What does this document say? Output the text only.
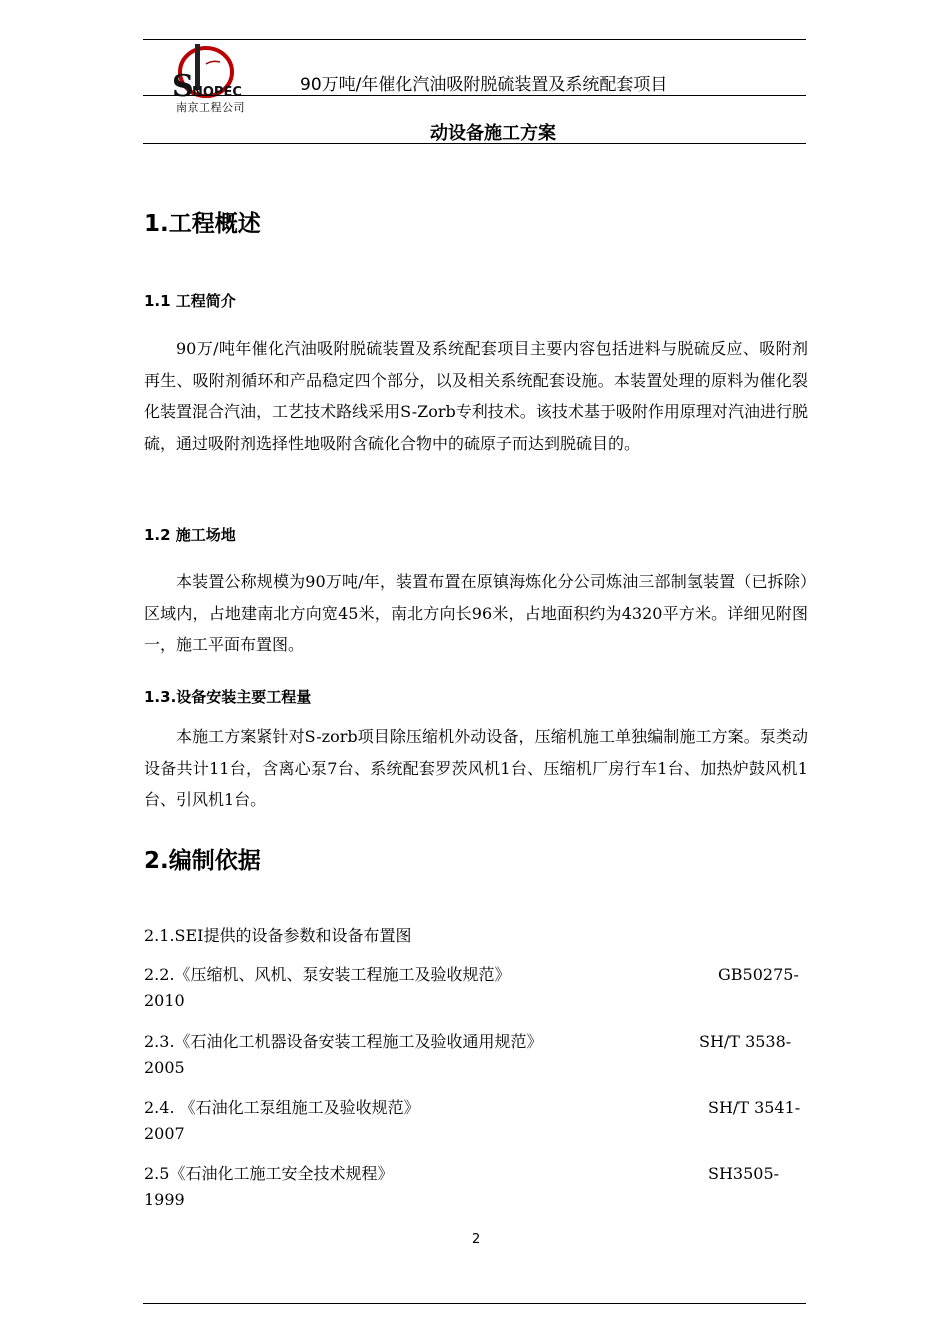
S
NOPEC
南京工程公司
90万吨/年催化汽油吸附脱硫装置及系统配套项目
动设备施工方案
1.工程概述
1.1 工程简介

90万/吨年催化汽油吸附脱硫装置及系统配套项目主要内容包括进料与脱硫反应、吸附剂再生、吸附剂循环和产品稳定四个部分，以及相关系统配套设施。本装置处理的原料为催化裂化装置混合汽油，工艺技术路线采用S-Zorb专利技术。该技术基于吸附作用原理对汽油进行脱硫，通过吸附剂选择性地吸附含硫化合物中的硫原子而达到脱硫目的。

1.2 施工场地

本装置公称规模为90万吨/年，装置布置在原镇海炼化分公司炼油三部制氢装置（已拆除）区域内，占地建南北方向宽45米，南北方向长96米，占地面积约为4320平方米。详细见附图一，施工平面布置图。

1.3.设备安装主要工程量

本施工方案紧针对S-zorb项目除压缩机外动设备，压缩机施工单独编制施工方案。泵类动设备共计11台，含离心泵7台、系统配套罗茨风机1台、压缩机厂房行车1台、加热炉鼓风机1台、引风机1台。

2.编制依据
2.1.SEI提供的设备参数和设备布置图
2.2.《压缩机、风机、泵安装工程施工及验收规范》	GB50275-
2010
2.3.《石油化工机器设备安装工程施工及验收通用规范》	SH/T 3538-
2005
2.4. 《石油化工泵组施工及验收规范》	SH/T 3541-
2007
2.5《石油化工施工安全技术规程》	SH3505-
1999
2
